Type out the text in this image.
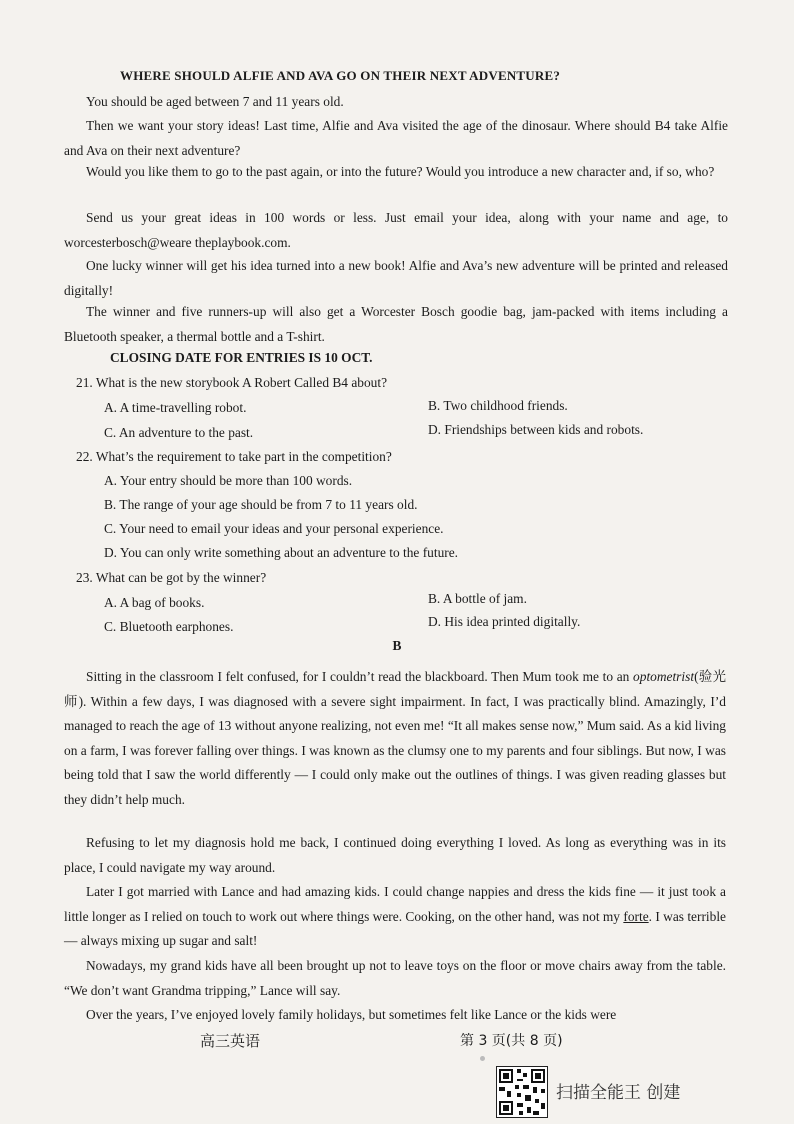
WHERE SHOULD ALFIE AND AVA GO ON THEIR NEXT ADVENTURE?
You should be aged between 7 and 11 years old.
Then we want your story ideas! Last time, Alfie and Ava visited the age of the dinosaur. Where should B4 take Alfie and Ava on their next adventure?
Would you like them to go to the past again, or into the future? Would you introduce a new character and, if so, who?
Send us your great ideas in 100 words or less. Just email your idea, along with your name and age, to worcesterbosch@weare theplaybook.com.
One lucky winner will get his idea turned into a new book! Alfie and Ava’s new adventure will be printed and released digitally!
The winner and five runners-up will also get a Worcester Bosch goodie bag, jam-packed with items including a Bluetooth speaker, a thermal bottle and a T-shirt.
CLOSING DATE FOR ENTRIES IS 10 OCT.
21. What is the new storybook A Robert Called B4 about?
A. A time-travelling robot.	B. Two childhood friends.
C. An adventure to the past.	D. Friendships between kids and robots.
22. What’s the requirement to take part in the competition?
A. Your entry should be more than 100 words.
B. The range of your age should be from 7 to 11 years old.
C. Your need to email your ideas and your personal experience.
D. You can only write something about an adventure to the future.
23. What can be got by the winner?
A. A bag of books.	B. A bottle of jam.
C. Bluetooth earphones.	D. His idea printed digitally.
B
Sitting in the classroom I felt confused, for I couldn’t read the blackboard. Then Mum took me to an optometrist(验光师). Within a few days, I was diagnosed with a severe sight impairment. In fact, I was practically blind. Amazingly, I’d managed to reach the age of 13 without anyone realizing, not even me! “It all makes sense now,” Mum said. As a kid living on a farm, I was forever falling over things. I was known as the clumsy one to my parents and four siblings. But now, I was being told that I saw the world differently — I could only make out the outlines of things. I was given reading glasses but they didn’t help much.
Refusing to let my diagnosis hold me back, I continued doing everything I loved. As long as everything was in its place, I could navigate my way around.
Later I got married with Lance and had amazing kids. I could change nappies and dress the kids fine — it just took a little longer as I relied on touch to work out where things were. Cooking, on the other hand, was not my forte. I was terrible — always mixing up sugar and salt!
Nowadays, my grand kids have all been brought up not to leave toys on the floor or move chairs away from the table. “We don’t want Grandma tripping,” Lance will say.
Over the years, I’ve enjoyed lovely family holidays, but sometimes felt like Lance or the kids were
高三英语	第 3 页(共 8 页)
扫描全能王 创建
